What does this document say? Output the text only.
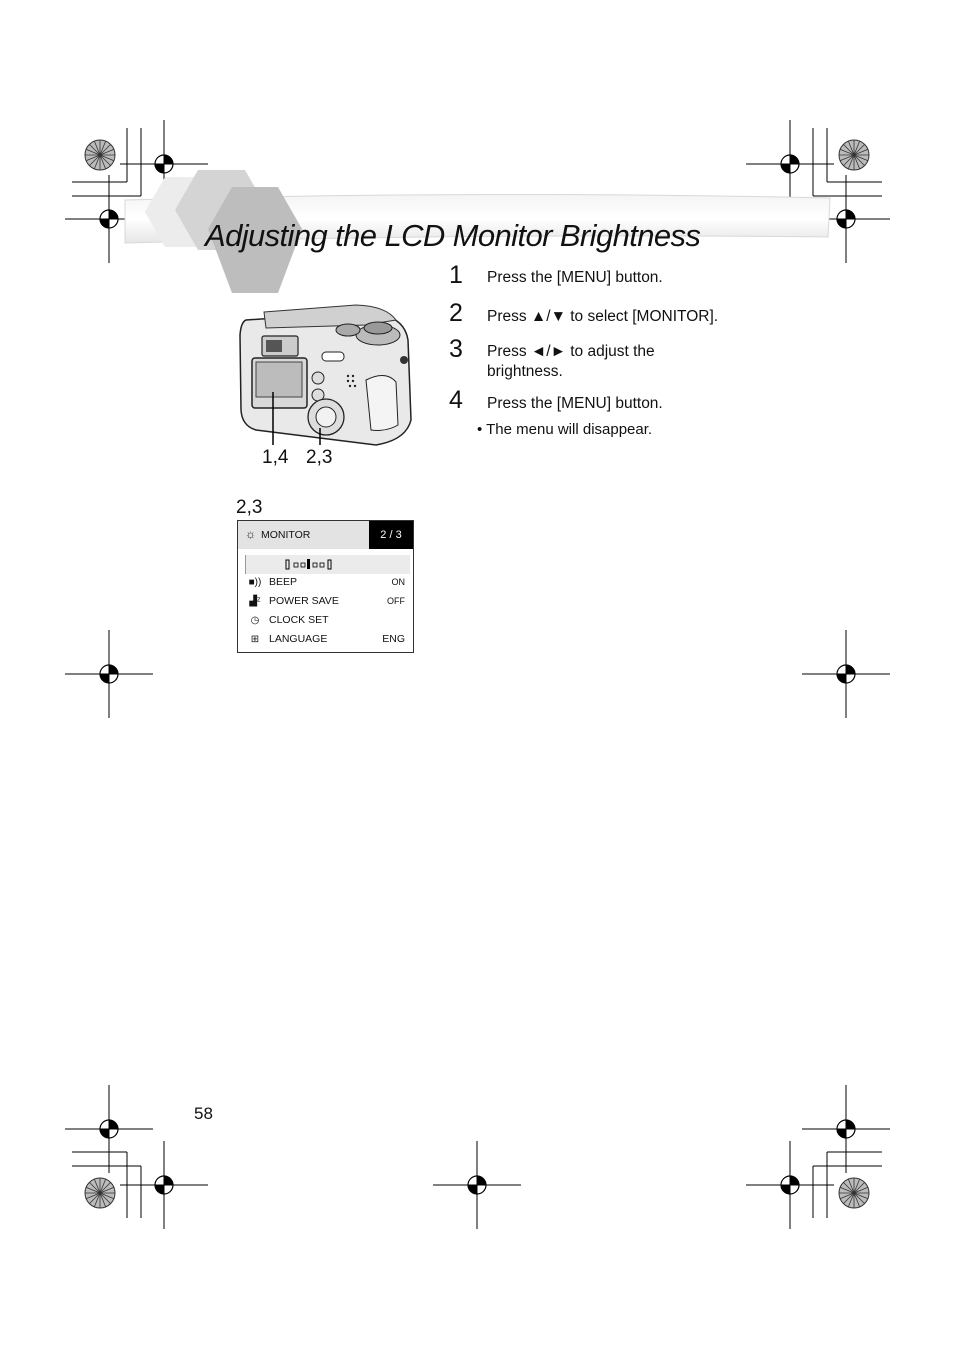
Adjusting the LCD Monitor Brightness
1,4 2,3
1 Press the [MENU] button.
2 Press ▲/▼ to select [MONITOR].
3 Press ◄/► to adjust the
brightness.
4 Press the [MENU] button.
• The menu will disappear.
2,3
☼ MONITOR	2 / 3
■)) BEEP	ON
▟ᶻ POWER SAVE	OFF
◷ CLOCK SET
⊞ LANGUAGE	ENG
58
